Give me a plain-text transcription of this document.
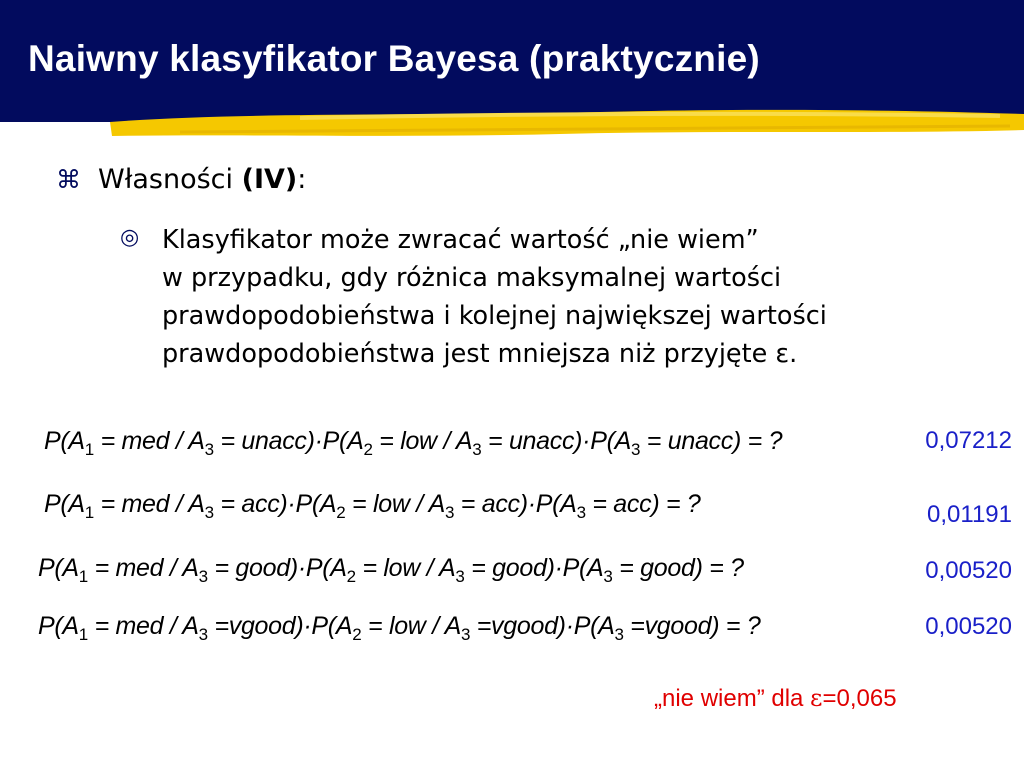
Naiwny klasyfikator Bayesa (praktycznie)
⌘ Własności (IV):
◎ Klasyfikator może zwracać wartość „nie wiem”
w przypadku, gdy różnica maksymalnej wartości
prawdopodobieństwa i kolejnej największej wartości
prawdopodobieństwa jest mniejsza niż przyjęte ε.
$P(A_1$ = med / $A_3$ = $unacc)\cdot P(A_2$ = low / $A_3$ = $unacc)\cdot P(A_3$ = unacc) = ?
$P(A_1$ = med / $A_3 = acc)\cdot P(A_2$ = low / $A_3 = acc)\cdot P(A_3 = acc)$ = ?
$P(A_1$ = med / $A_3$ = $good)\cdot P(A_2$ = low / $A_3$ = $good)\cdot P(A_3$ = good) = ?
$P(A_1$ = med / $A_3$ $=vgood)\cdot P(A_2$ = low / $A_3$ $=vgood)\cdot P(A_3$ =vgood) = ?
0,07212
0,01191
0,00520
0,00520
„nie wiem” dla ε=0,065
